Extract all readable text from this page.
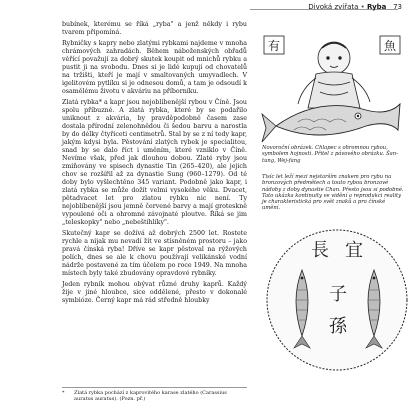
Divoká zvířata • Ryba 73

bubínek, kterému se říká „ryba" a jenž někdy i rybu tvarem připomíná.

Rybničky s kapry nebo zlatými rybkami najdeme v mnoha chrámových zahradách. Během náboženských obřadů věřící považují za dobrý skutek koupit od mnichů rybku a pustit ji na svobodu. Dnes si je lidé kupují od chovatelů na tržišti, kteří je mají v smaltovaných umyvadlech. V igelitovém pytlíku si je odnesou domů, a tam je odsoudí k osamělému životu v akváriu na příborníku.

Zlatá rybka* a kapr jsou nejoblíbenější rybou v Číně. Jsou spolu příbuzné. A zlatá rybka, které by se podařilo uniknout z akvária, by pravděpodobně časem zase dostala přírodní zelenohnědou či šedou barvu a narostla by do délky čtyřiceti centimetrů. Stal by se z ní tedy kapr, jakým kdysi byla. Pěstování zlatých rybek je specialitou, snad by se dalo říct i uměním, které vzniklo v Číně. Nevíme však, před jak dlouhou dobou. Zlaté ryby jsou zmiňovány ve spisech dynastie Tin (265–420), ale jejich chov se rozšířil až za dynastie Sung (960–1279). Od té doby bylo vyšlechtěno 345 variant. Podobně jako kapr, i zlatá rybka se může dožít velmi vysokého věku. Dvacet, pětadvacet let pro zlatou rybku nic není. Ty nejoblíbenější jsou jemně červené barvy a mají groteskně vypoulené oči a ohromné závojnaté ploutve. Říká se jim „teleskopky" nebo „nebeštíhlíky".

Skutečný kapr se dožívá až dobrých 2500 let. Rostete rychle a nijak mu nevadí žít ve stísněném prostoru – jako pravá čínská ryba! Dříve se kapr pěstoval na rýžových polích, dnes se ale k chovu používají velikánské vodní nádrže postavené za tím účelem po roce 1949. Na mnoha místech byly také zbudovány opravdové rybníky.

Jeden rybník mohou obývat různé druhy kaprů. Každý žije v jiné hloubce, sice oddělené, přesto v dokonalé symbióze. Černý kapr má rád středně hloubky

*	Zlatá rybka pochází z kaprovitého karase zlatého (Carassius auratus auratus). (Pozn. př.)
有	魚
Novoroční obrázek. Chlapec s ohromnou rybou, symbolem hojnosti. Přitel z pávového obrázku. Šan-tung, Wej-fang
Tisíc let leží mezi nejstarším znakem pro rybu na bronzových předmětech a touto rybou bronzové nádoby z doby dynastie Chan. Přesto jsou si podobné. Tato ukázka kontinuity ve vidění a reprodukci reality je charakteristická pro svět znaků a pro čínské umění.
長 宜
子
孫
